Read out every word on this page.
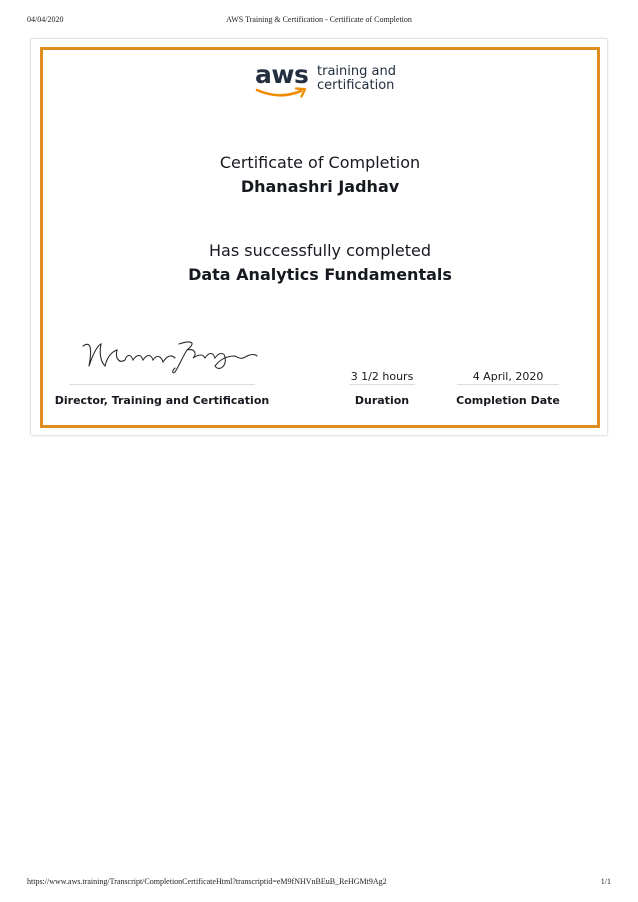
04/04/2020	AWS Training & Certification - Certificate of Completion
aws training and
certification
Certificate of Completion
Dhanashri Jadhav
Has successfully completed
Data Analytics Fundamentals
3 1/2 hours	4 April, 2020
Director, Training and Certification	Duration	Completion Date
https://www.aws.training/Transcript/CompletionCertificateHtml?transcriptid=eM9fNHVnBEuB_ReHGMt9Ag2	1/1
